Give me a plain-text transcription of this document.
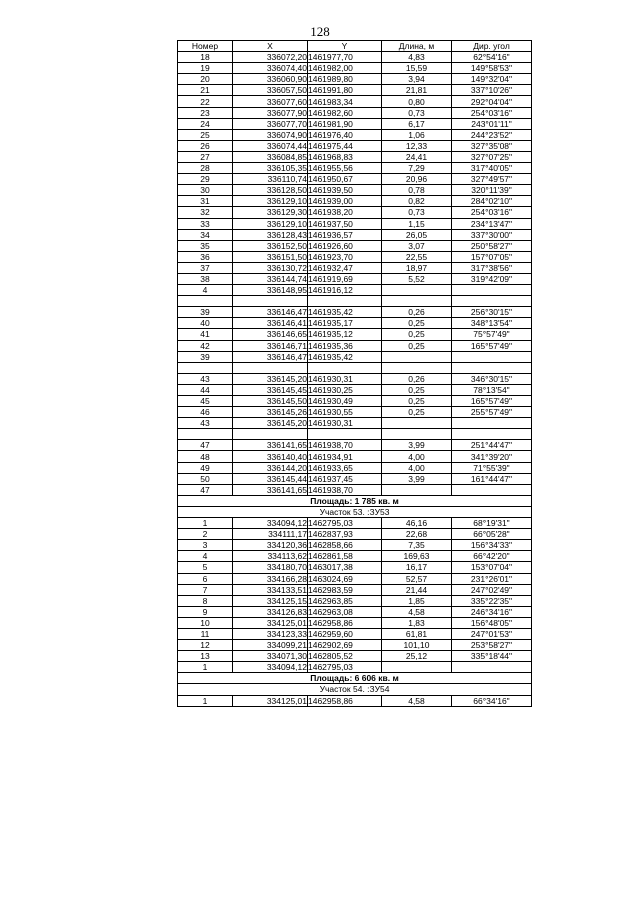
128
Номер	X	Y	Длина, м	Дир. угол
18	336072,20	1461977,70	4,83	62°54'16"
19	336074,40	1461982,00	15,59	149°58'53"
20	336060,90	1461989,80	3,94	149°32'04"
21	336057,50	1461991,80	21,81	337°10'26"
22	336077,60	1461983,34	0,80	292°04'04"
23	336077,90	1461982,60	0,73	254°03'16"
24	336077,70	1461981,90	6,17	243°01'11"
25	336074,90	1461976,40	1,06	244°23'52"
26	336074,44	1461975,44	12,33	327°35'08"
27	336084,85	1461968,83	24,41	327°07'25"
28	336105,35	1461955,56	7,29	317°40'05"
29	336110,74	1461950,67	20,96	327°49'57"
30	336128,50	1461939,50	0,78	320°11'39"
31	336129,10	1461939,00	0,82	284°02'10"
32	336129,30	1461938,20	0,73	254°03'16"
33	336129,10	1461937,50	1,15	234°13'47"
34	336128,43	1461936,57	26,05	337°30'00"
35	336152,50	1461926,60	3,07	250°58'27"
36	336151,50	1461923,70	22,55	157°07'05"
37	336130,72	1461932,47	18,97	317°38'56"
38	336144,74	1461919,69	5,52	319°42'09"
4	336148,95	1461916,12		

39	336146,47	1461935,42	0,26	256°30'15"
40	336146,41	1461935,17	0,25	348°13'54"
41	336146,65	1461935,12	0,25	75°57'49"
42	336146,71	1461935,36	0,25	165°57'49"
39	336146,47	1461935,42		

43	336145,20	1461930,31	0,26	346°30'15"
44	336145,45	1461930,25	0,25	78°13'54"
45	336145,50	1461930,49	0,25	165°57'49"
46	336145,26	1461930,55	0,25	255°57'49"
43	336145,20	1461930,31		

47	336141,65	1461938,70	3,99	251°44'47"
48	336140,40	1461934,91	4,00	341°39'20"
49	336144,20	1461933,65	4,00	71°55'39"
50	336145,44	1461937,45	3,99	161°44'47"
47	336141,65	1461938,70		
Площадь: 1 785 кв. м				
Участок 53. :ЗУ53				
1	334094,12	1462795,03	46,16	68°19'31"
2	334111,17	1462837,93	22,68	66°05'28"
3	334120,36	1462858,66	7,35	156°34'33"
4	334113,62	1462861,58	169,63	66°42'20"
5	334180,70	1463017,38	16,17	153°07'04"
6	334166,28	1463024,69	52,57	231°26'01"
7	334133,51	1462983,59	21,44	247°02'49"
8	334125,15	1462963,85	1,85	335°22'35"
9	334126,83	1462963,08	4,58	246°34'16"
10	334125,01	1462958,86	1,83	156°48'05"
11	334123,33	1462959,60	61,81	247°01'53"
12	334099,21	1462902,69	101,10	253°58'27"
13	334071,30	1462805,52	25,12	335°18'44"
1	334094,12	1462795,03		
Площадь: 6 606 кв. м				
Участок 54. :ЗУ54				
1	334125,01	1462958,86	4,58	66°34'16"
